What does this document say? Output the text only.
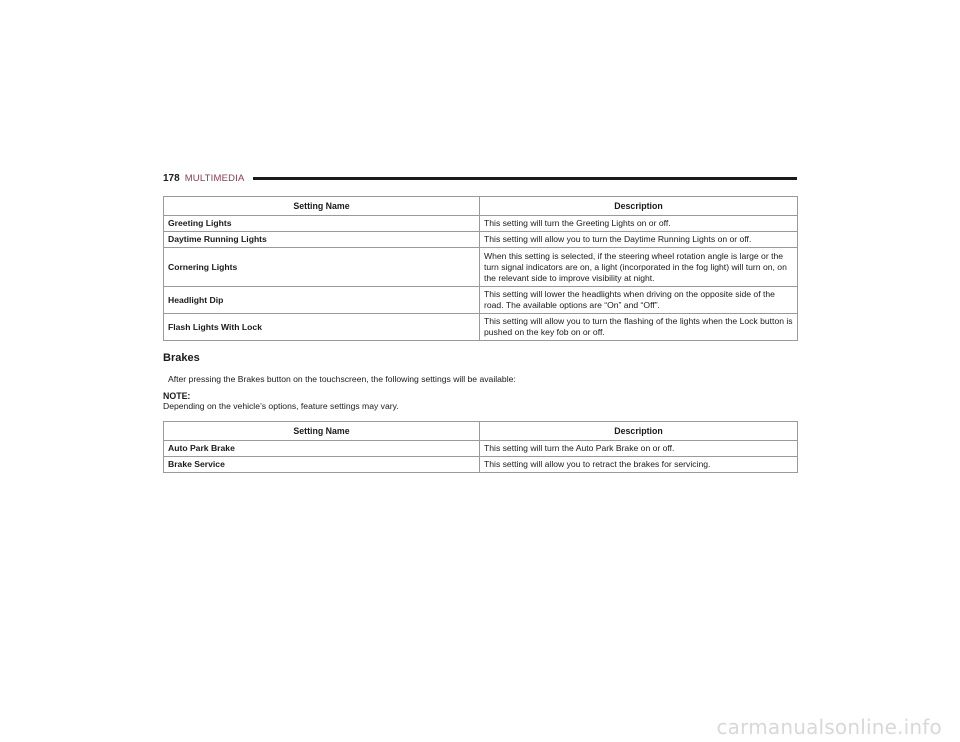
178 MULTIMEDIA
Setting Name	Description
Greeting Lights	This setting will turn the Greeting Lights on or off.
Daytime Running Lights	This setting will allow you to turn the Daytime Running Lights on or off.
Cornering Lights	When this setting is selected, if the steering wheel rotation angle is large or the turn signal indicators are on, a light (incorporated in the fog light) will turn on, on the relevant side to improve visibility at night.
Headlight Dip	This setting will lower the headlights when driving on the opposite side of the road. The available options are “On” and “Off”.
Flash Lights With Lock	This setting will allow you to turn the flashing of the lights when the Lock button is pushed on the key fob on or off.
Brakes
After pressing the Brakes button on the touchscreen, the following settings will be available:
NOTE:
Depending on the vehicle’s options, feature settings may vary.
Setting Name	Description
Auto Park Brake	This setting will turn the Auto Park Brake on or off.
Brake Service	This setting will allow you to retract the brakes for servicing.
carmanualsonline.info
